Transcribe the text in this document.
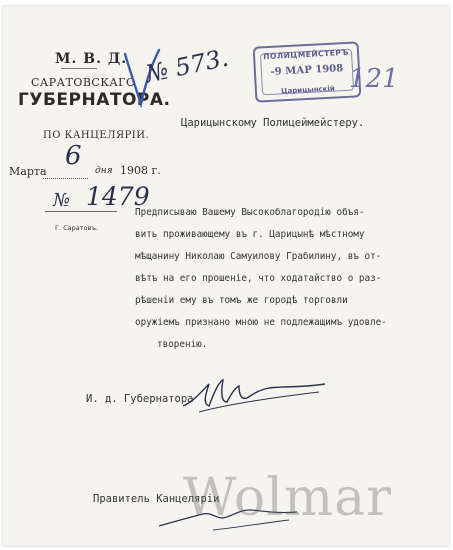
М. В. Д.
САРАТОВСКАГО
ГУБЕРНАТОРА.
ПО КАНЦЕЛЯРІИ.
№ 573.	ПОЛИЦМЕЙСТЕРЪ
-9 МАР 1908
Царицынскій 121
Царицынскому Полицеймейстеру.
Марта
6 дня 1908 г.
№ 1479
Г. Саратовъ.
Предписываю Вашему Высокоблагородію объя-
вить проживающему въ г. Царицынѣ мѣстному
мѣщанину Николаю Самуилову Грабилину, въ от-
вѣтъ на его прошеніе, что ходатайство о раз-
рѣшеніи ему въ томъ же городѣ торговли
оружіемъ признано мною не подлежащимъ удовле-
творенію.
И. д. Губернатора
Правитель Канцеляріи
Wolmar
